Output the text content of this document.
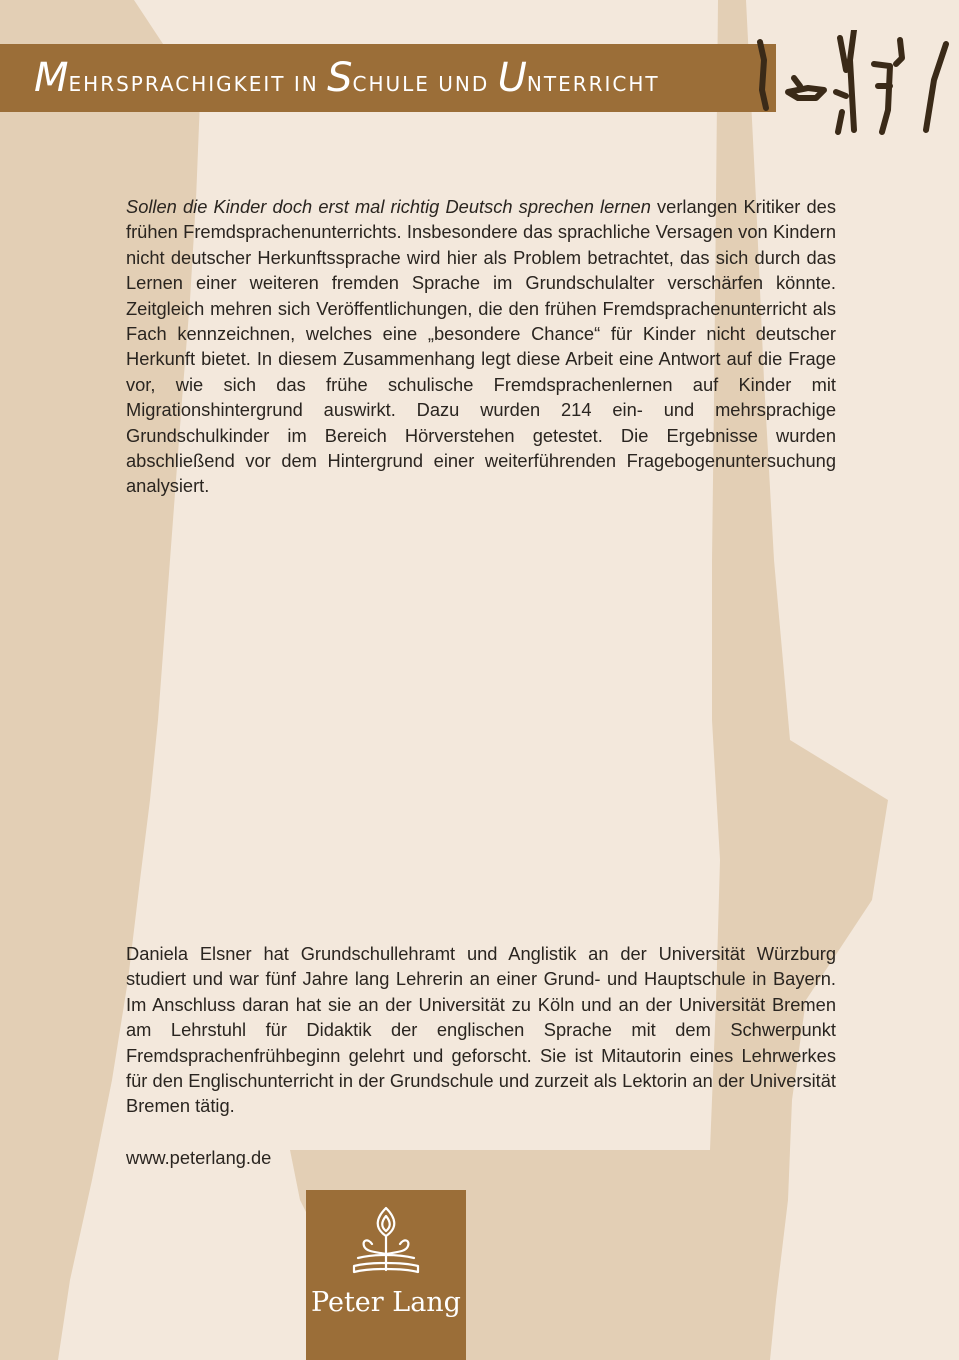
MEHRSPRACHIGKEIT IN SCHULE UND UNTERRICHT
Sollen die Kinder doch erst mal richtig Deutsch sprechen lernen verlangen Kritiker des frühen Fremdsprachenunterrichts. Insbesondere das sprachliche Versagen von Kindern nicht deutscher Herkunftssprache wird hier als Problem betrachtet, das sich durch das Lernen einer weiteren fremden Sprache im Grundschulalter verschärfen könnte. Zeitgleich mehren sich Veröffentlichungen, die den frühen Fremdsprachenunterricht als Fach kennzeichnen, welches eine „besondere Chance“ für Kinder nicht deutscher Herkunft bietet. In diesem Zusammenhang legt diese Arbeit eine Antwort auf die Frage vor, wie sich das frühe schulische Fremdsprachenlernen auf Kinder mit Migrationshintergrund auswirkt. Dazu wurden 214 ein- und mehrsprachige Grundschulkinder im Bereich Hörverstehen getestet. Die Ergebnisse wurden abschließend vor dem Hintergrund einer weiterführenden Fragebogenuntersuchung analysiert.
Daniela Elsner hat Grundschullehramt und Anglistik an der Universität Würzburg studiert und war fünf Jahre lang Lehrerin an einer Grund- und Hauptschule in Bayern. Im Anschluss daran hat sie an der Universität zu Köln und an der Universität Bremen am Lehrstuhl für Didaktik der englischen Sprache mit dem Schwerpunkt Fremdsprachenfrühbeginn gelehrt und geforscht. Sie ist Mitautorin eines Lehrwerkes für den Englischunterricht in der Grundschule und zurzeit als Lektorin an der Universität Bremen tätig.
www.peterlang.de
Peter Lang
